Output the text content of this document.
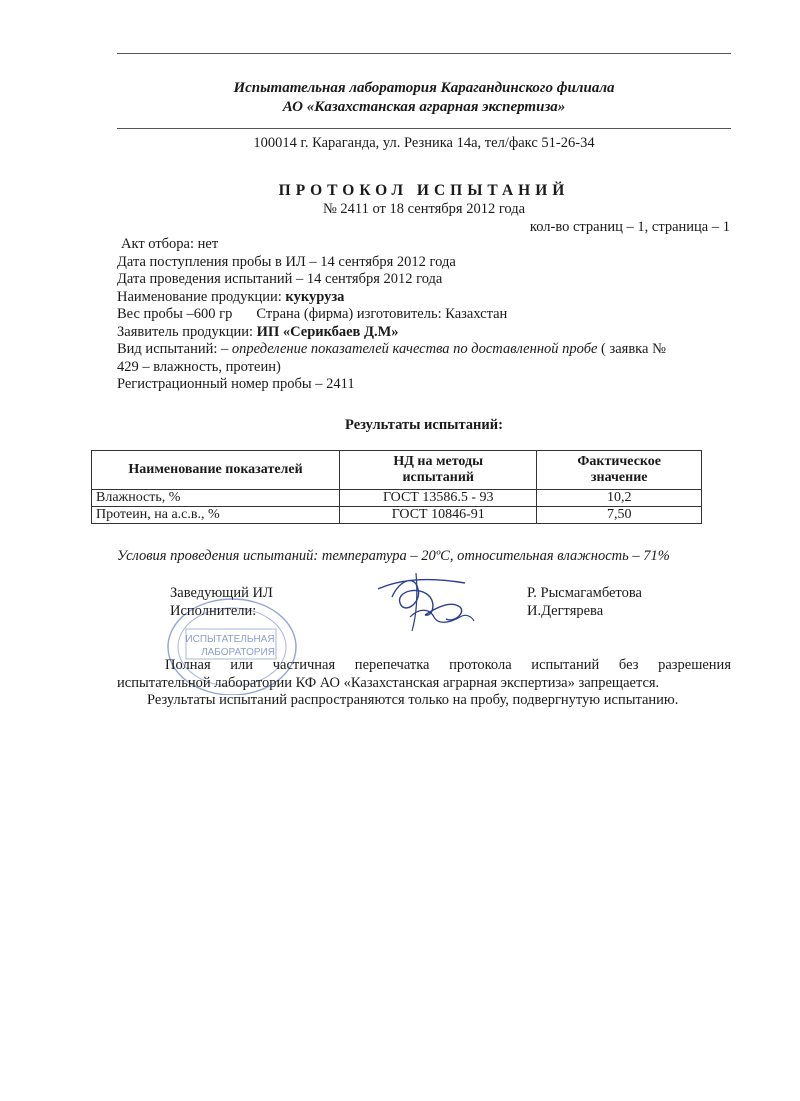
Испытательная лаборатория Карагандинского филиала
АО «Казахстанская аграрная экспертиза»
100014 г. Караганда, ул. Резника 14а, тел/факс 51-26-34
ПРОТОКОЛ ИСПЫТАНИЙ
№ 2411 от 18 сентября 2012 года
кол-во страниц – 1, страница – 1

Акт отбора: нет

Дата поступления пробы в ИЛ – 14 сентября 2012 года

Дата проведения испытаний – 14 сентября 2012 года

Наименование продукции: кукуруза

Вес пробы –600 гр Страна (фирма) изготовитель: Казахстан

Заявитель продукции: ИП «Серикбаев Д.М»

Вид испытаний: – определение показателей качества по доставленной пробе ( заявка №

429 – влажность, протеин)

Регистрационный номер пробы – 2411

Результаты испытаний:
Наименование показателей	НД на методы испытаний	Фактическое значение
Влажность, %	ГОСТ 13586.5 - 93	10,2
Протеин, на а.с.в., %	ГОСТ 10846-91	7,50
Условия проведения испытаний: температура – 20ºС, относительная влажность – 71%
ИСПЫТАТЕЛЬНАЯ
ЛАБОРАТОРИЯ
Заведующий ИЛ	Р. Рысмагамбетова
Исполнители:	И.Дегтярева

Полная или частичная перепечатка протокола испытаний без разрешения

испытательной лаборатории КФ АО «Казахстанская аграрная экспертиза» запрещается.

Результаты испытаний распространяются только на пробу, подвергнутую испытанию.
